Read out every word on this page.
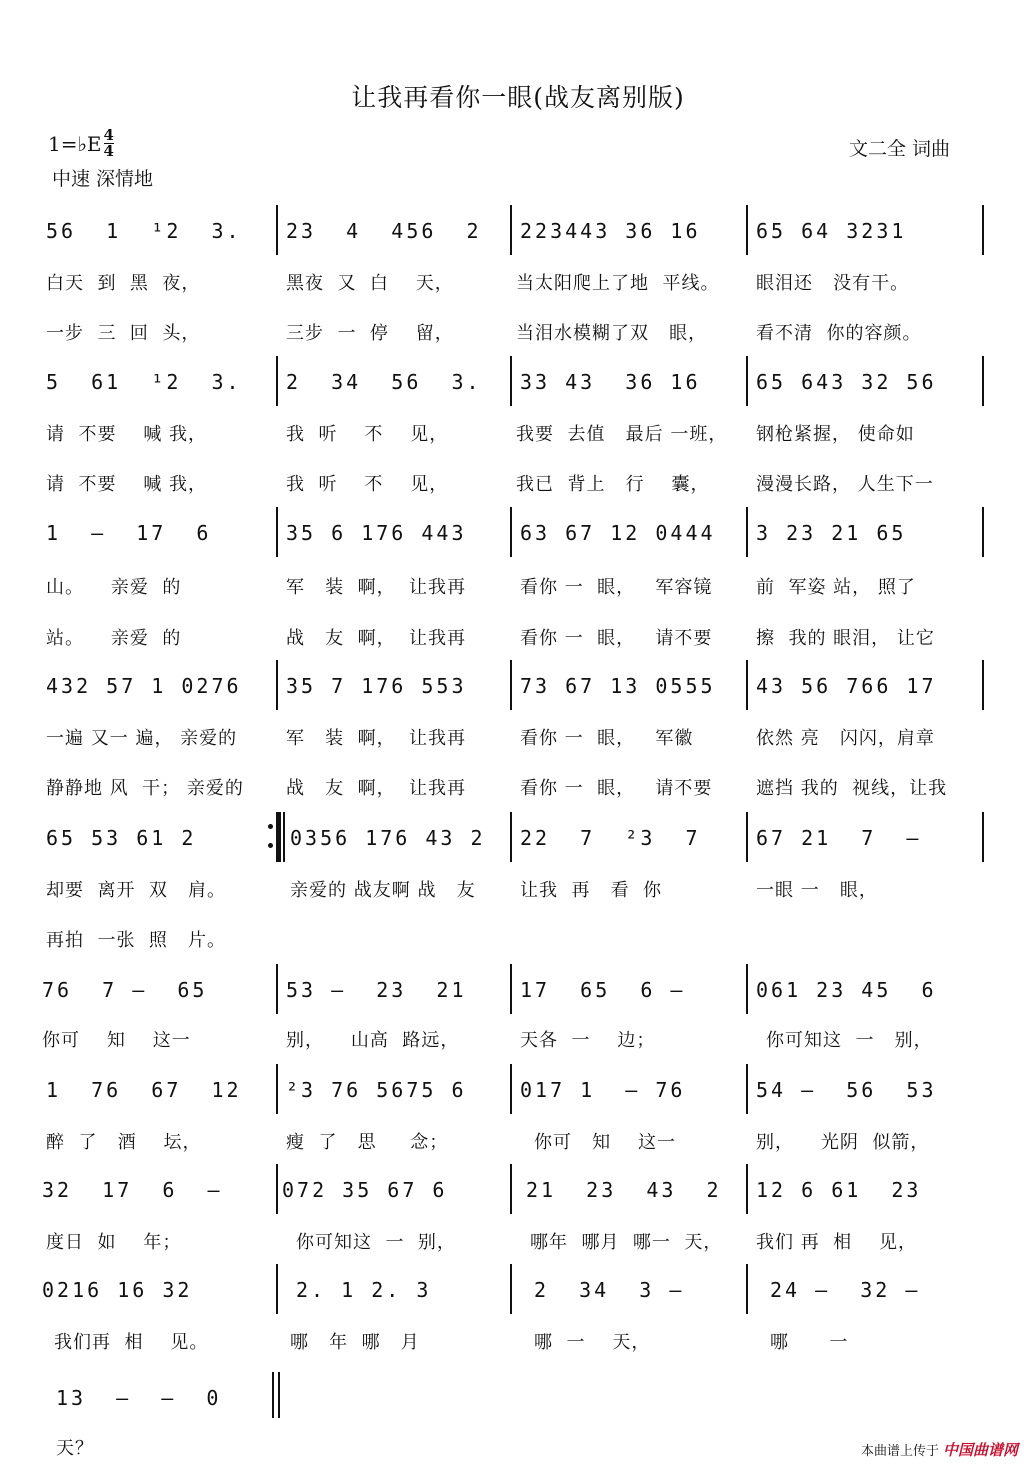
让我再看你一眼(战友离别版)
1=♭E $\frac{4}{4}$	文二全 词曲
中速 深情地
56  1  ¹2  3. 23  4  456  2 223443 36 16	65 64 3231
白天  到  黑  夜，	黑夜  又  白    天，	当太阳爬上了地  平线。 眼泪还   没有干。
一步  三  回  头，	三步  一  停    留，	当泪水模糊了双   眼，	看不清  你的容颜。
5  61  ¹2  3. 2  34  56  3. 33 43  36 16	65 643 32 56
请  不要    喊 我，	我  听    不    见，	我要  去值   最后 一班， 钢枪紧握， 使命如
请  不要    喊 我，	我  听    不    见，	我已  背上   行    囊，	漫漫长路， 人生下一
1  —  17  6	35 6 176 443	63 67 12 0444 3 23 21 65
山。    亲爱  的	军   装  啊，  让我再	看你 一  眼，   军容镜 前  军姿 站， 照了
站。    亲爱  的	战   友  啊，  让我再	看你 一  眼，   请不要 擦  我的 眼泪， 让它
432 57 1 0276 35 7 176 553	73 67 13 0555 43 56 766 17
一遍 又一 遍， 亲爱的	军   装  啊，  让我再	看你 一  眼，   军徽	依然 亮   闪闪，肩章
静静地 风  干； 亲爱的 战   友  啊，  让我再	看你 一  眼，   请不要 遮挡 我的  视线，让我
65 53 61 2	0356 176 43 2 22  7  ²3  7	67 21  7  —
却要  离开  双   肩。	亲爱的 战友啊 战   友 让我  再   看  你	一眼 一   眼，
再拍  一张  照   片。
76  7 —  65	53 —  23  21	17  65  6 —	061 23 45  6
你可    知    这一	别，    山高  路远，	天各  一    边；	你可知这  一   别，
1  76  67  12 ²3 76 5675 6	017 1  — 76	54 —  56  53
醉  了   酒    坛，	瘦  了   思     念；	你可   知    这一	别，    光阴  似箭，
32  17  6  —	072 35 67 6	21  23  43  2 12 6 61  23
度日  如    年；	你可知这  一  别，	哪年  哪月  哪一  天， 我们 再  相    见，
0216 16 32	2. 1 2. 3	2  34  3 —	24 —  32 —
我们再  相    见。	哪   年  哪   月	哪  一    天，	哪      一
13  —  —  0
天？	本曲谱上传于 中国曲谱网
